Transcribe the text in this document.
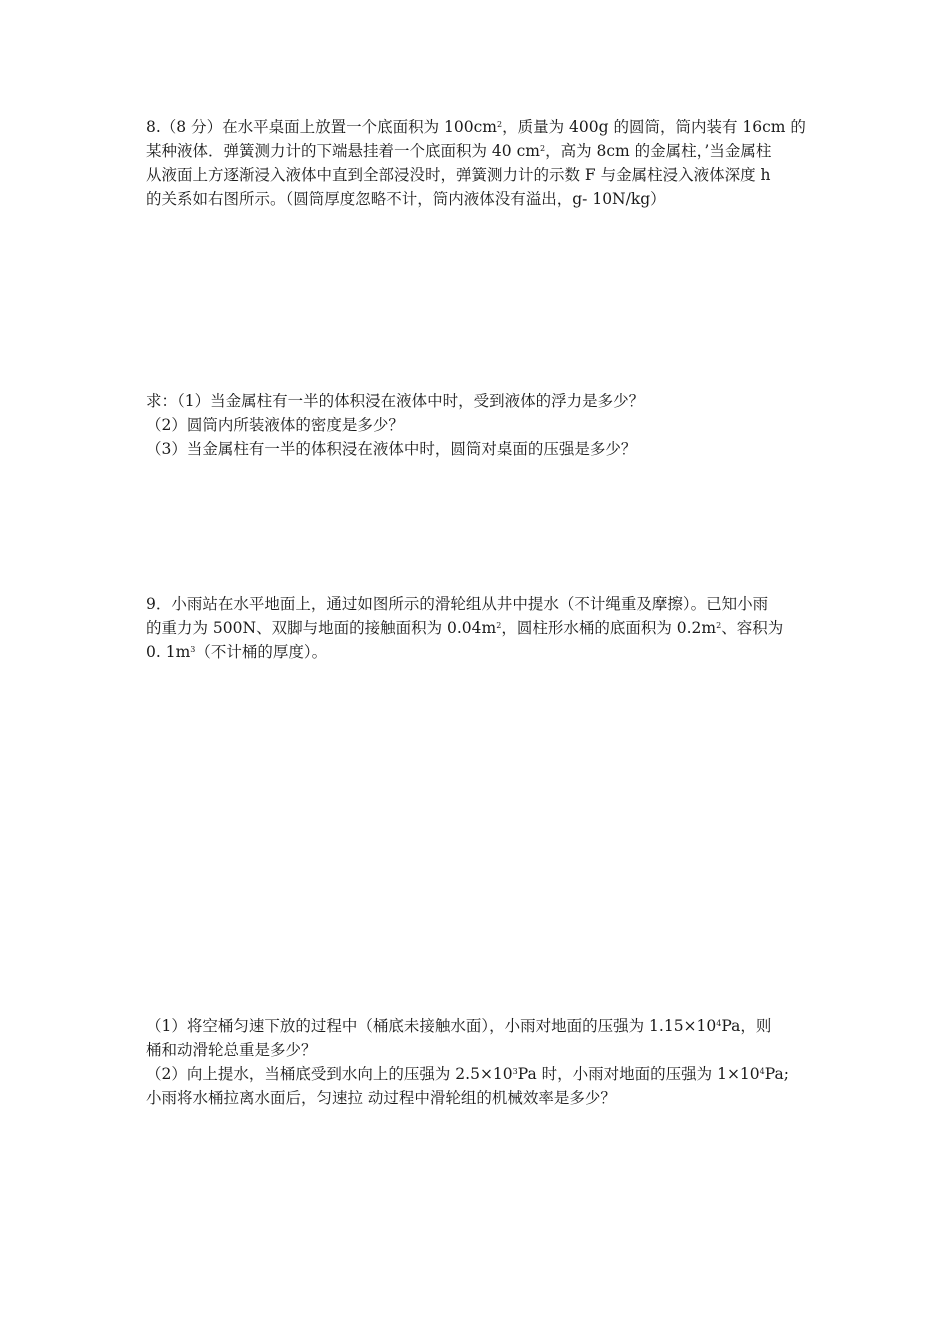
8.（8 分）在水平桌面上放置一个底面积为 $100cm^2$，质量为 400g 的圆筒，筒内装有 16cm 的
某种液体．弹簧测力计的下端悬挂着一个底面积为 40 $cm^2$，高为 8cm 的金属柱，’当金属柱
从液面上方逐渐浸入液体中直到全部浸没时，弹簧测力计的示数 F 与金属柱浸入液体深度 h
的关系如右图所示。（圆筒厚度忽略不计，筒内液体没有溢出，g- 10N/kg）
求：（1）当金属柱有一半的体积浸在液体中时，受到液体的浮力是多少？
（2）圆筒内所装液体的密度是多少？
（3）当金属柱有一半的体积浸在液体中时，圆筒对桌面的压强是多少？
9．小雨站在水平地面上，通过如图所示的滑轮组从井中提水（不计绳重及摩擦）。已知小雨
的重力为 500N、双脚与地面的接触面积为 $0.04m^2$，圆柱形水桶的底面积为 $0.2m^2$、容积为
0. $1m^3$（不计桶的厚度）。
（1）将空桶匀速下放的过程中（桶底未接触水面），小雨对地面的压强为 $1.15\times 10^4Pa$，则
桶和动滑轮总重是多少？
（2）向上提水，当桶底受到水向上的压强为 $2.5\times 10^3Pa$ 时，小雨对地面的压强为 $1\times 10^4Pa$;
小雨将水桶拉离水面后，匀速拉 动过程中滑轮组的机械效率是多少？
